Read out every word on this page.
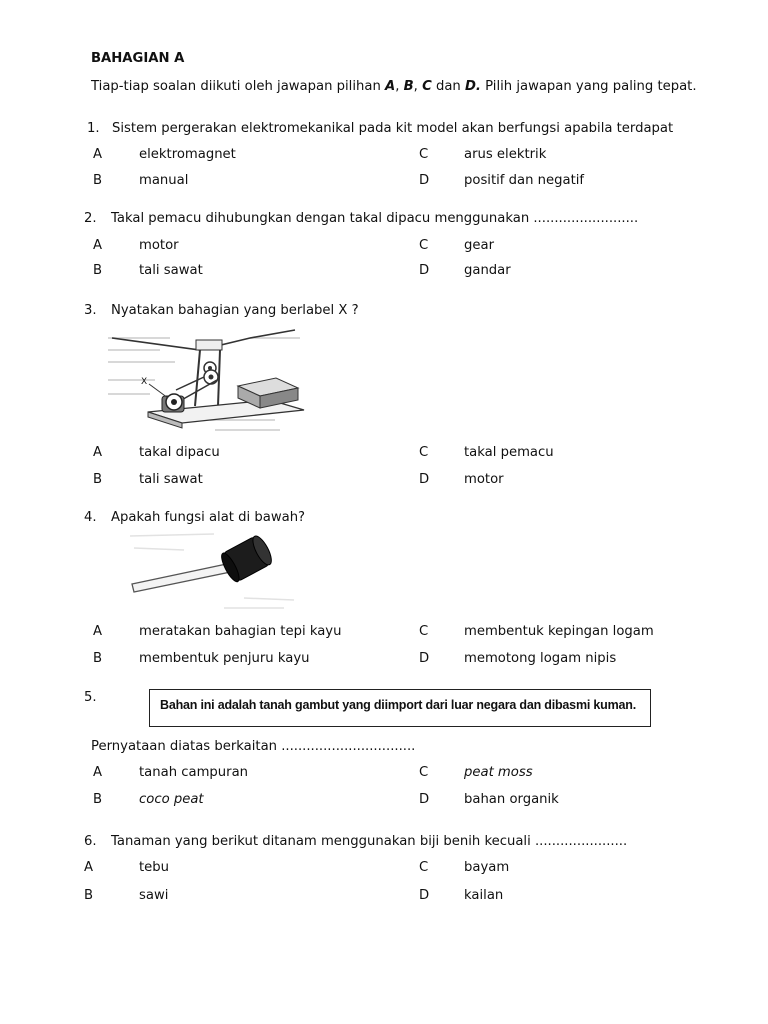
BAHAGIAN A
Tiap-tiap soalan diikuti oleh jawapan pilihan A, B, C dan D. Pilih jawapan yang paling tepat.
1. Sistem pergerakan elektromekanikal pada kit model akan berfungsi apabila terdapat
A	elektromagnet
B	manual
C	arus elektrik
D	positif dan negatif
2. Takal pemacu dihubungkan dengan takal dipacu menggunakan .........................
A	motor
B	tali sawat
C	gear
D	gandar
3. Nyatakan bahagian yang berlabel X ?
X
A	takal dipacu
B	tali sawat
C	takal pemacu
D	motor
4. Apakah fungsi alat di bawah?
A	meratakan bahagian tepi kayu
B	membentuk penjuru kayu
C	membentuk kepingan logam
D	memotong logam nipis
5.	Bahan ini adalah tanah gambut yang diimport dari luar negara dan dibasmi kuman.
Pernyataan diatas berkaitan ................................
A	tanah campuran
B	coco peat
C	peat moss
D	bahan organik
6. Tanaman yang berikut ditanam menggunakan biji benih kecuali ......................
A	tebu
B	sawi
C	bayam
D	kailan
